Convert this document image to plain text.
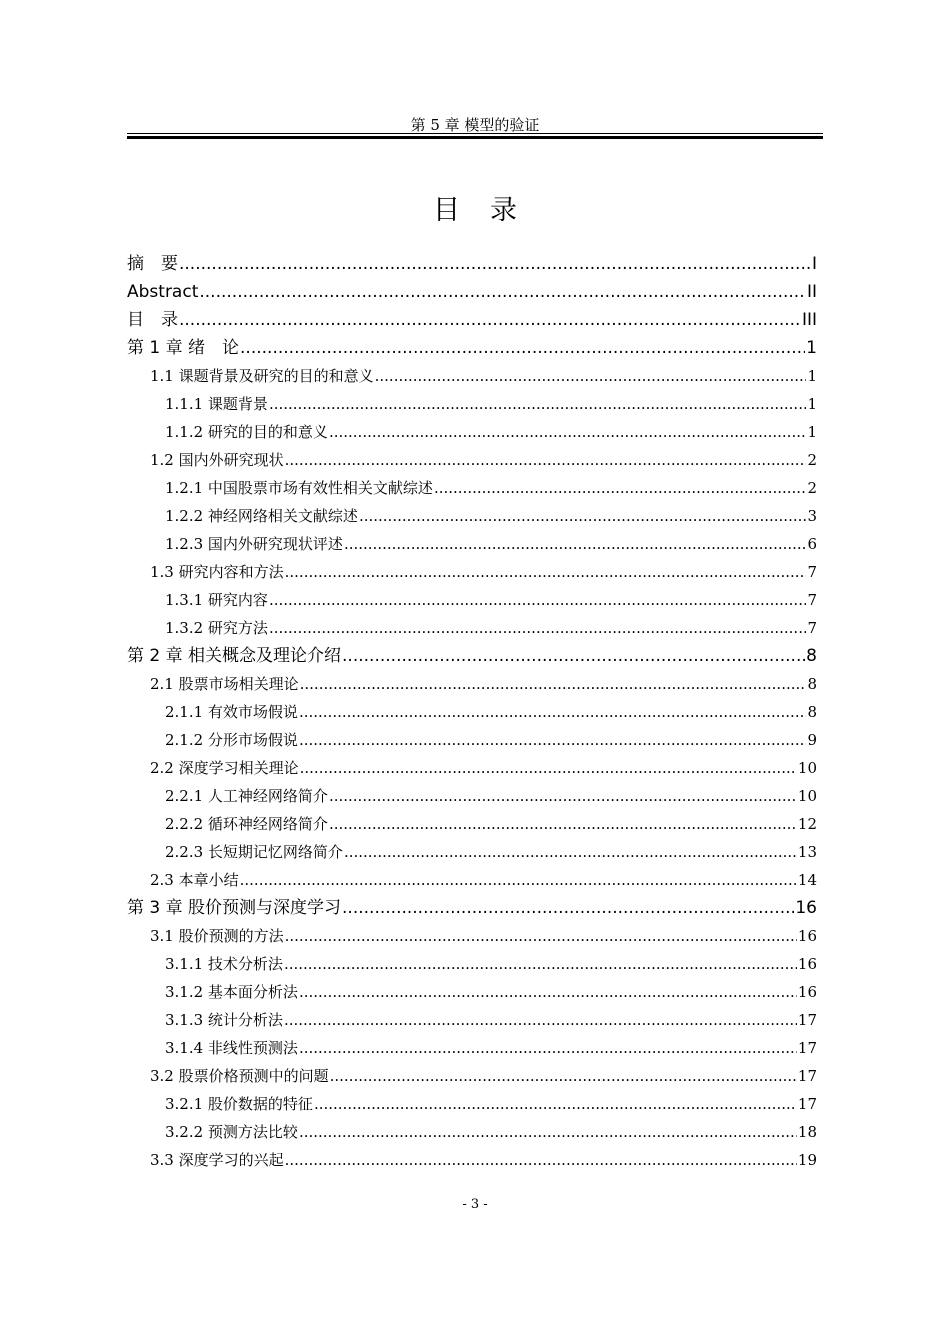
第 5 章 模型的验证
目录
摘　要 .....	I
Abstract .....	II
目　录 .....	III
第 1 章 绪　论 .....	1
1.1 课题背景及研究的目的和意义 .....	1
1.1.1 课题背景 .....	1
1.1.2 研究的目的和意义 .....	1
1.2 国内外研究现状 .....	2
1.2.1 中国股票市场有效性相关文献综述 .....	2
1.2.2 神经网络相关文献综述 .....	3
1.2.3 国内外研究现状评述 .....	6
1.3 研究内容和方法 .....	7
1.3.1 研究内容 .....	7
1.3.2 研究方法 .....	7
第 2 章 相关概念及理论介绍 .....	8
2.1 股票市场相关理论 .....	8
2.1.1 有效市场假说 .....	8
2.1.2 分形市场假说 .....	9
2.2 深度学习相关理论 .....	10
2.2.1 人工神经网络简介 .....	10
2.2.2 循环神经网络简介 .....	12
2.2.3 长短期记忆网络简介 .....	13
2.3 本章小结 .....	14
第 3 章 股价预测与深度学习 .....	16
3.1 股价预测的方法 .....	16
3.1.1 技术分析法 .....	16
3.1.2 基本面分析法 .....	16
3.1.3 统计分析法 .....	17
3.1.4 非线性预测法 .....	17
3.2 股票价格预测中的问题 .....	17
3.2.1 股价数据的特征 .....	17
3.2.2 预测方法比较 .....	18
3.3 深度学习的兴起 .....	19
- 3 -
